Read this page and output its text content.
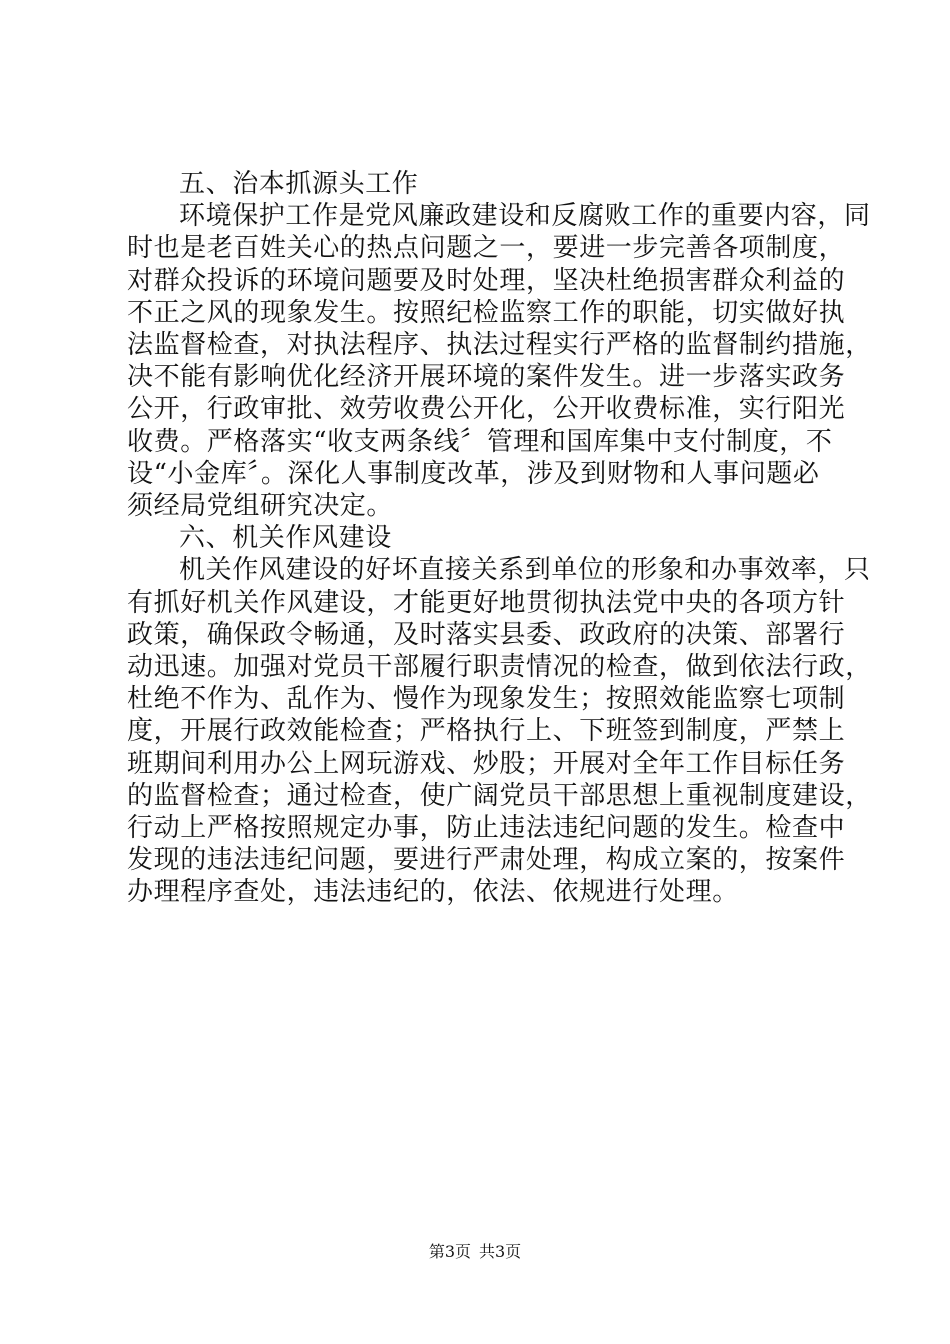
五、治本抓源头工作
环境保护工作是党风廉政建设和反腐败工作的重要内容，同
时也是老百姓关心的热点问题之一，要进一步完善各项制度，
对群众投诉的环境问题要及时处理，坚决杜绝损害群众利益的
不正之风的现象发生。按照纪检监察工作的职能，切实做好执
法监督检查，对执法程序、执法过程实行严格的监督制约措施，
决不能有影响优化经济开展环境的案件发生。进一步落实政务
公开，行政审批、效劳收费公开化，公开收费标准，实行阳光
收费。严格落实“收支两条线〞管理和国库集中支付制度，不
设“小金库〞。深化人事制度改革，涉及到财物和人事问题必
须经局党组研究决定。
六、机关作风建设
机关作风建设的好坏直接关系到单位的形象和办事效率，只
有抓好机关作风建设，才能更好地贯彻执法党中央的各项方针
政策，确保政令畅通，及时落实县委、政政府的决策、部署行
动迅速。加强对党员干部履行职责情况的检查，做到依法行政，
杜绝不作为、乱作为、慢作为现象发生；按照效能监察七项制
度，开展行政效能检查；严格执行上、下班签到制度，严禁上
班期间利用办公上网玩游戏、炒股；开展对全年工作目标任务
的监督检查；通过检查，使广阔党员干部思想上重视制度建设，
行动上严格按照规定办事，防止违法违纪问题的发生。检查中
发现的违法违纪问题，要进行严肃处理，构成立案的，按案件
办理程序查处，违法违纪的，依法、依规进行处理。
第3页 共3页
